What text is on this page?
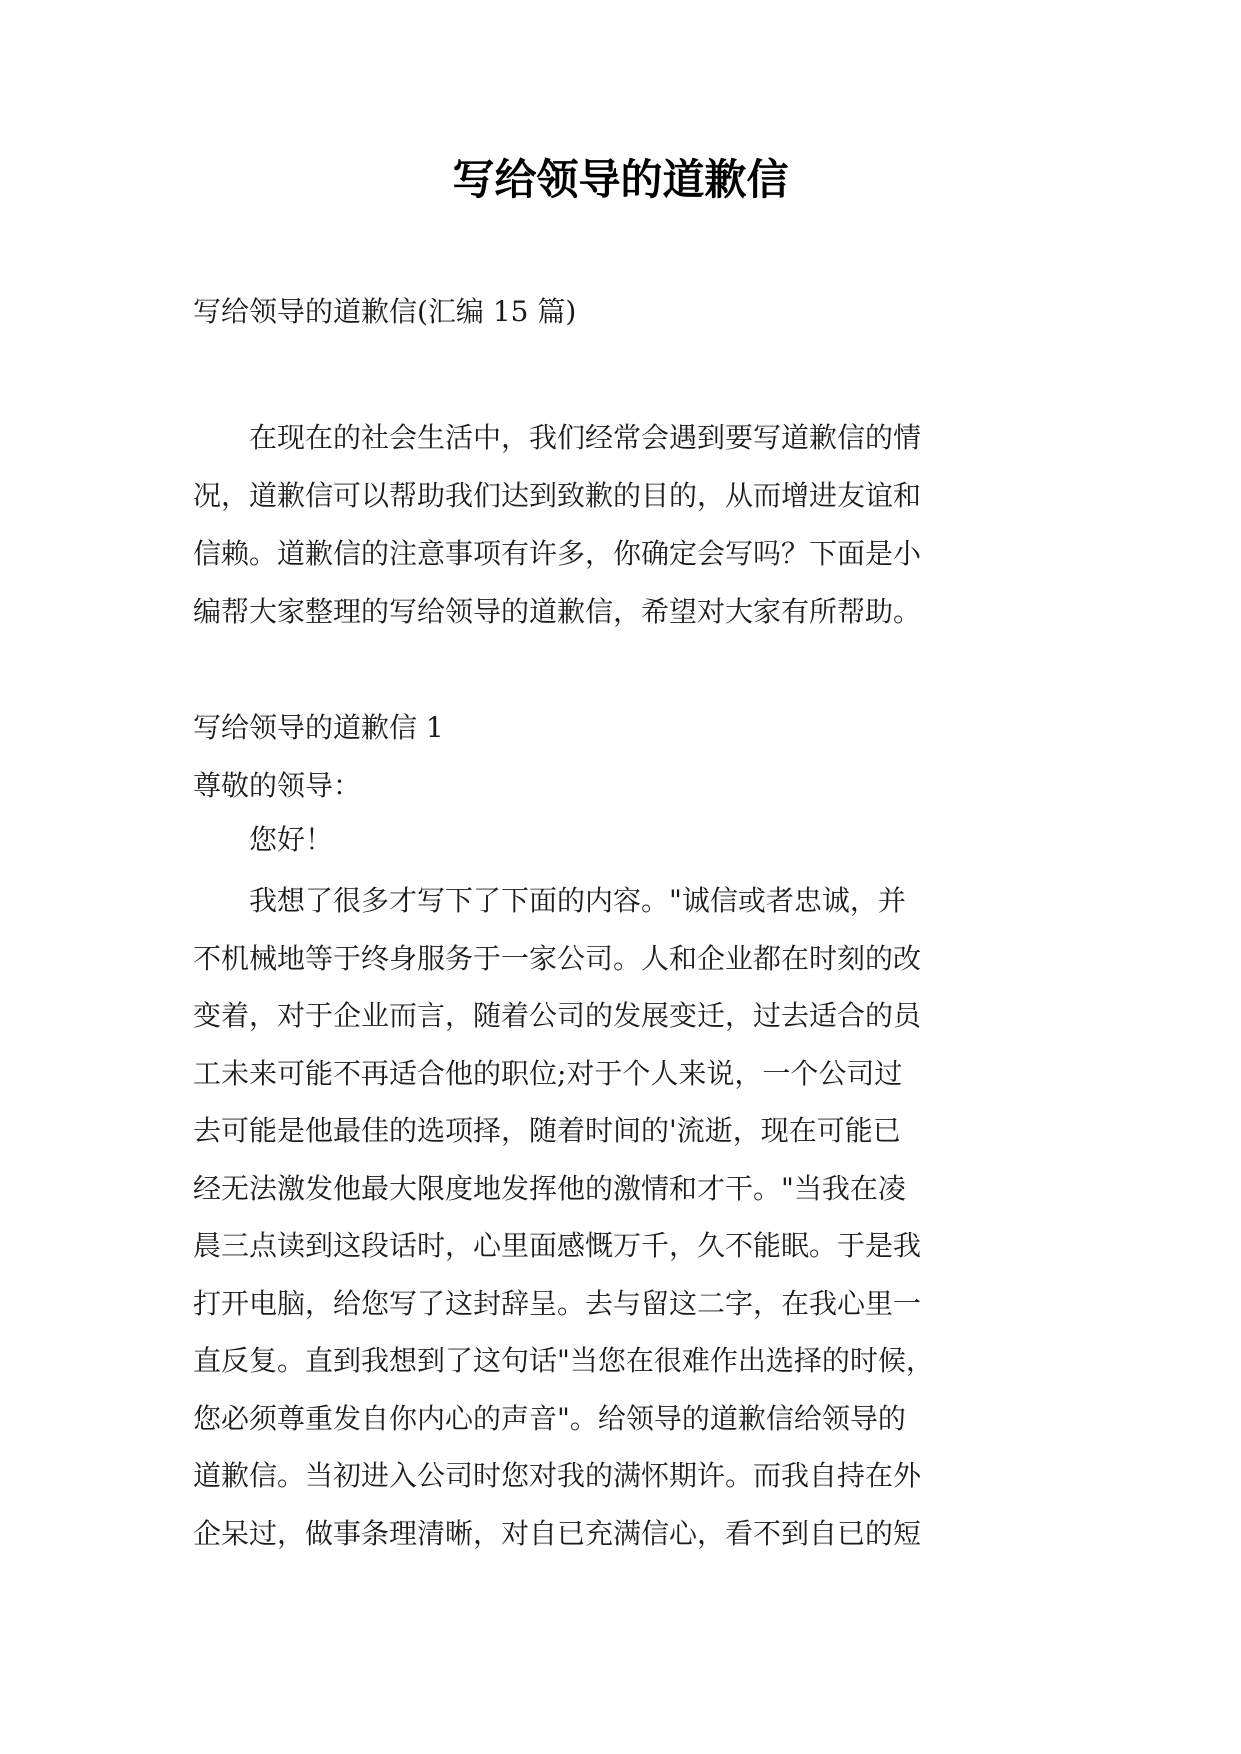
写给领导的道歉信
写给领导的道歉信(汇编 15 篇)
在现在的社会生活中，我们经常会遇到要写道歉信的情
况，道歉信可以帮助我们达到致歉的目的，从而增进友谊和
信赖。道歉信的注意事项有许多，你确定会写吗？下面是小
编帮大家整理的写给领导的道歉信，希望对大家有所帮助。
写给领导的道歉信 1
尊敬的领导：
您好！
我想了很多才写下了下面的内容。"诚信或者忠诚，并
不机械地等于终身服务于一家公司。人和企业都在时刻的改
变着，对于企业而言，随着公司的发展变迁，过去适合的员
工未来可能不再适合他的职位;对于个人来说，一个公司过
去可能是他最佳的选项择，随着时间的'流逝，现在可能已
经无法激发他最大限度地发挥他的激情和才干。"当我在凌
晨三点读到这段话时，心里面感慨万千，久不能眠。于是我
打开电脑，给您写了这封辞呈。去与留这二字，在我心里一
直反复。直到我想到了这句话"当您在很难作出选择的时候，
您必须尊重发自你内心的声音"。给领导的道歉信给领导的
道歉信。当初进入公司时您对我的满怀期许。而我自持在外
企呆过，做事条理清晰，对自已充满信心，看不到自已的短
